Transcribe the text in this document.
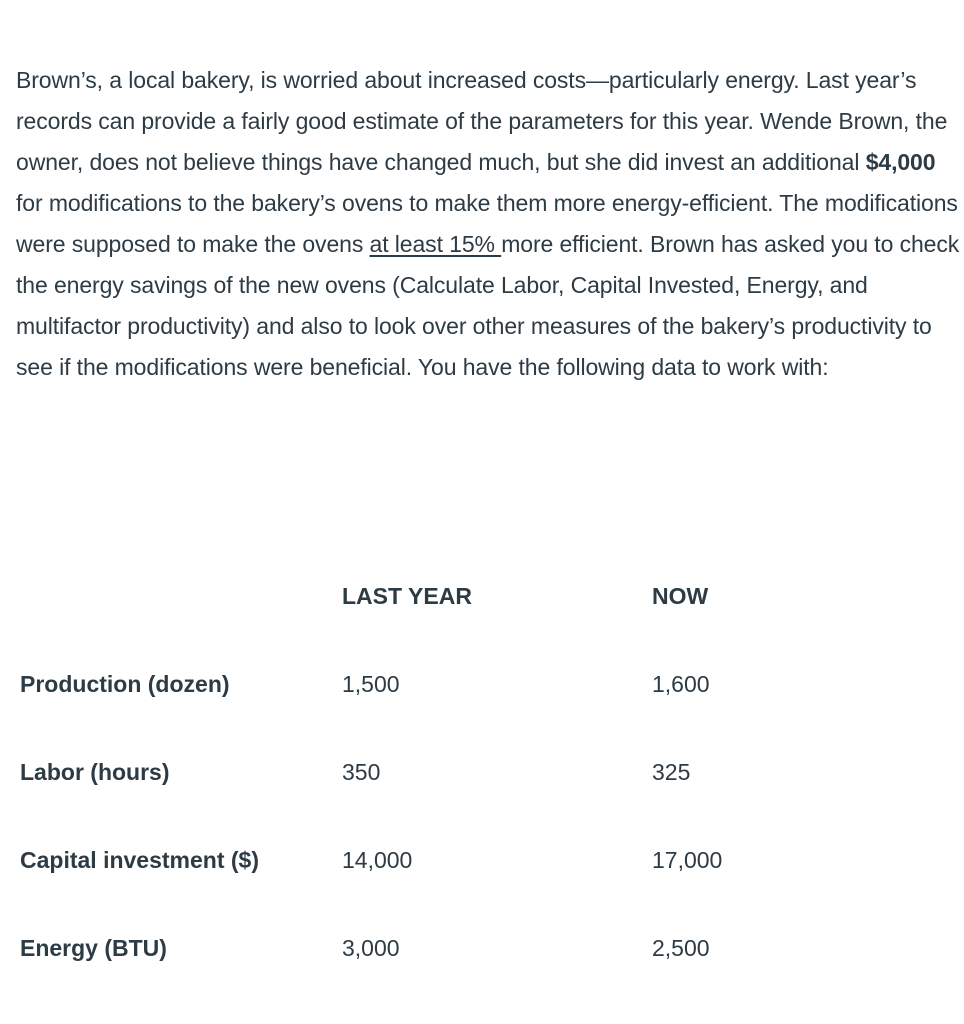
Brown’s, a local bakery, is worried about increased costs—particularly energy. Last year’s records can provide a fairly good estimate of the parameters for this year. Wende Brown, the owner, does not believe things have changed much, but she did invest an additional $4,000 for modifications to the bakery’s ovens to make them more energy-efficient. The modifications were supposed to make the ovens at least 15% more efficient. Brown has asked you to check the energy savings of the new ovens (Calculate Labor, Capital Invested, Energy, and multifactor productivity) and also to look over other measures of the bakery’s productivity to see if the modifications were beneficial. You have the following data to work with:

	LAST YEAR	NOW
Production (dozen)	1,500	1,600
Labor (hours)	350	325
Capital investment ($)	14,000	17,000
Energy (BTU)	3,000	2,500
